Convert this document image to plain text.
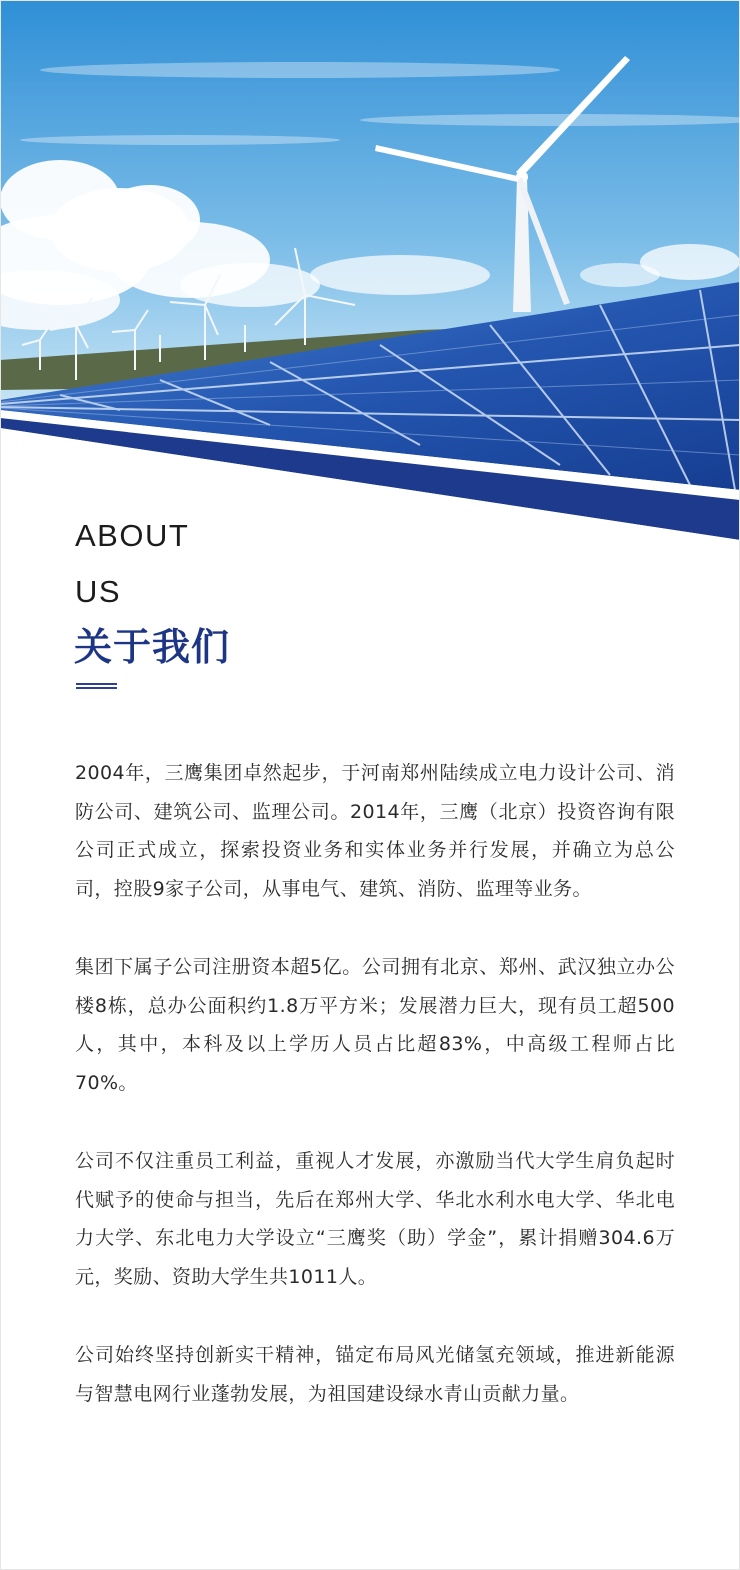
ABOUT
US
关于我们

2004年，三鹰集团卓然起步，于河南郑州陆续成立电力设计公司、消防公司、建筑公司、监理公司。2014年，三鹰（北京）投资咨询有限公司正式成立，探索投资业务和实体业务并行发展，并确立为总公司，控股9家子公司，从事电气、建筑、消防、监理等业务。

集团下属子公司注册资本超5亿。公司拥有北京、郑州、武汉独立办公楼8栋，总办公面积约1.8万平方米；发展潜力巨大，现有员工超500人，其中，本科及以上学历人员占比超83%，中高级工程师占比70%。

公司不仅注重员工利益，重视人才发展，亦激励当代大学生肩负起时代赋予的使命与担当，先后在郑州大学、华北水利水电大学、华北电力大学、东北电力大学设立“三鹰奖（助）学金”，累计捐赠304.6万元，奖励、资助大学生共1011人。

公司始终坚持创新实干精神，锚定布局风光储氢充领域，推进新能源与智慧电网行业蓬勃发展，为祖国建设绿水青山贡献力量。
